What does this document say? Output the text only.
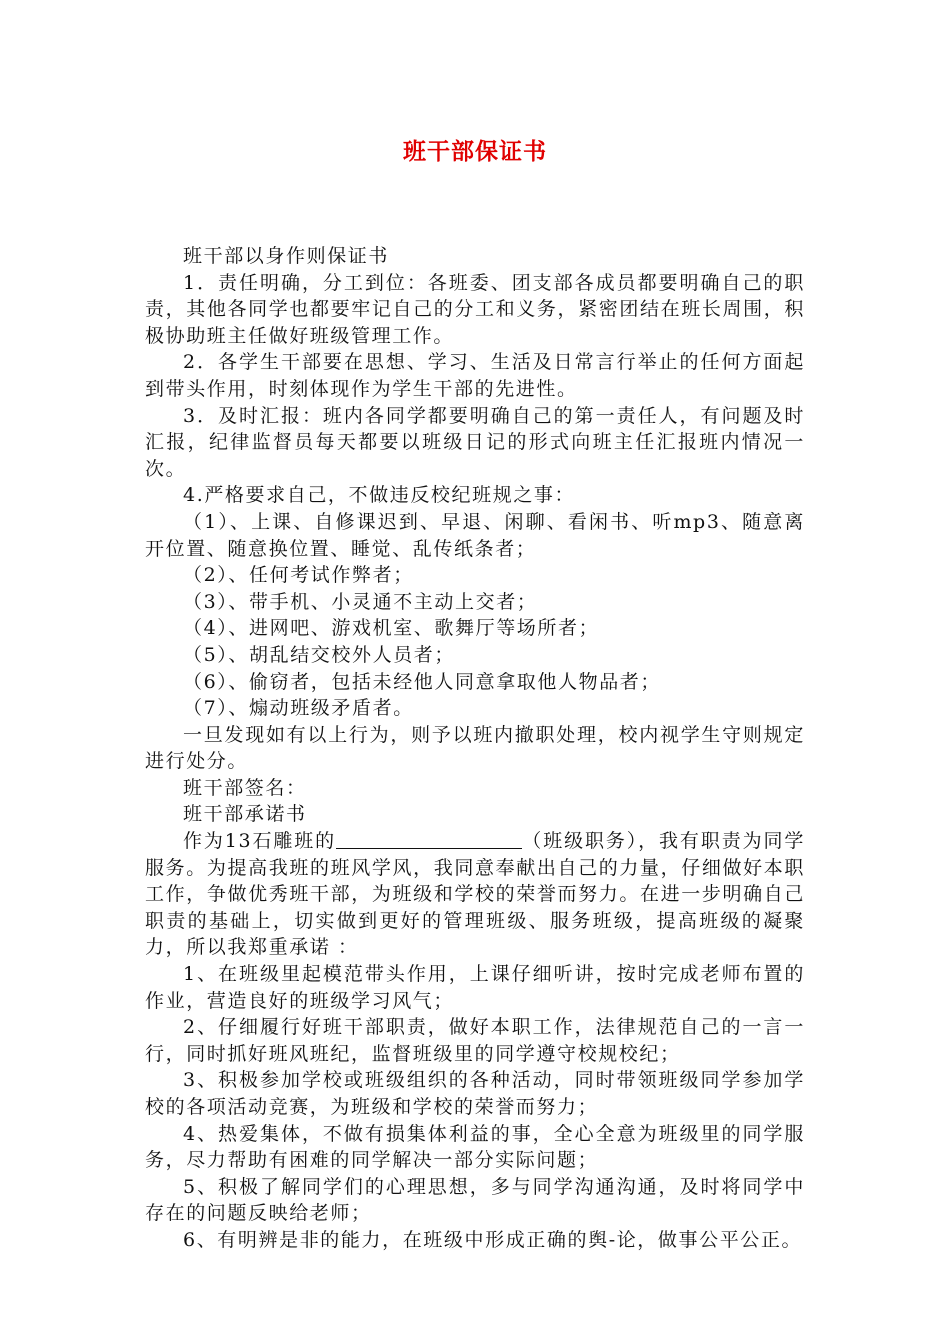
班干部保证书

班干部以身作则保证书

1．责任明确，分工到位：各班委、团支部各成员都要明确自己的职责，其他各同学也都要牢记自己的分工和义务，紧密团结在班长周围，积极协助班主任做好班级管理工作。

2．各学生干部要在思想、学习、生活及日常言行举止的任何方面起到带头作用，时刻体现作为学生干部的先进性。

3．及时汇报：班内各同学都要明确自己的第一责任人，有问题及时汇报，纪律监督员每天都要以班级日记的形式向班主任汇报班内情况一次。

4.严格要求自己，不做违反校纪班规之事：

（1）、上课、自修课迟到、早退、闲聊、看闲书、听mp3、随意离开位置、随意换位置、睡觉、乱传纸条者；

（2）、任何考试作弊者；

（3）、带手机、小灵通不主动上交者；

（4）、进网吧、游戏机室、歌舞厅等场所者；

（5）、胡乱结交校外人员者；

（6）、偷窃者，包括未经他人同意拿取他人物品者；

（7）、煽动班级矛盾者。

一旦发现如有以上行为，则予以班内撤职处理，校内视学生守则规定进行处分。

班干部签名：

班干部承诺书

作为13石雕班的	（班级职务），我有职责为同学服务。为提高我班的班风学风，我同意奉献出自己的力量，仔细做好本职工作，争做优秀班干部，为班级和学校的荣誉而努力。在进一步明确自己职责的基础上，切实做到更好的管理班级、服务班级，提高班级的凝聚力，所以我郑重承诺 ：

1、在班级里起模范带头作用，上课仔细听讲，按时完成老师布置的作业，营造良好的班级学习风气；

2、仔细履行好班干部职责，做好本职工作，法律规范自己的一言一行，同时抓好班风班纪，监督班级里的同学遵守校规校纪；

3、积极参加学校或班级组织的各种活动，同时带领班级同学参加学校的各项活动竞赛，为班级和学校的荣誉而努力；

4、热爱集体，不做有损集体利益的事，全心全意为班级里的同学服务，尽力帮助有困难的同学解决一部分实际问题；

5、积极了解同学们的心理思想，多与同学沟通沟通，及时将同学中存在的问题反映给老师；

6、有明辨是非的能力，在班级中形成正确的舆-论，做事公平公正。
